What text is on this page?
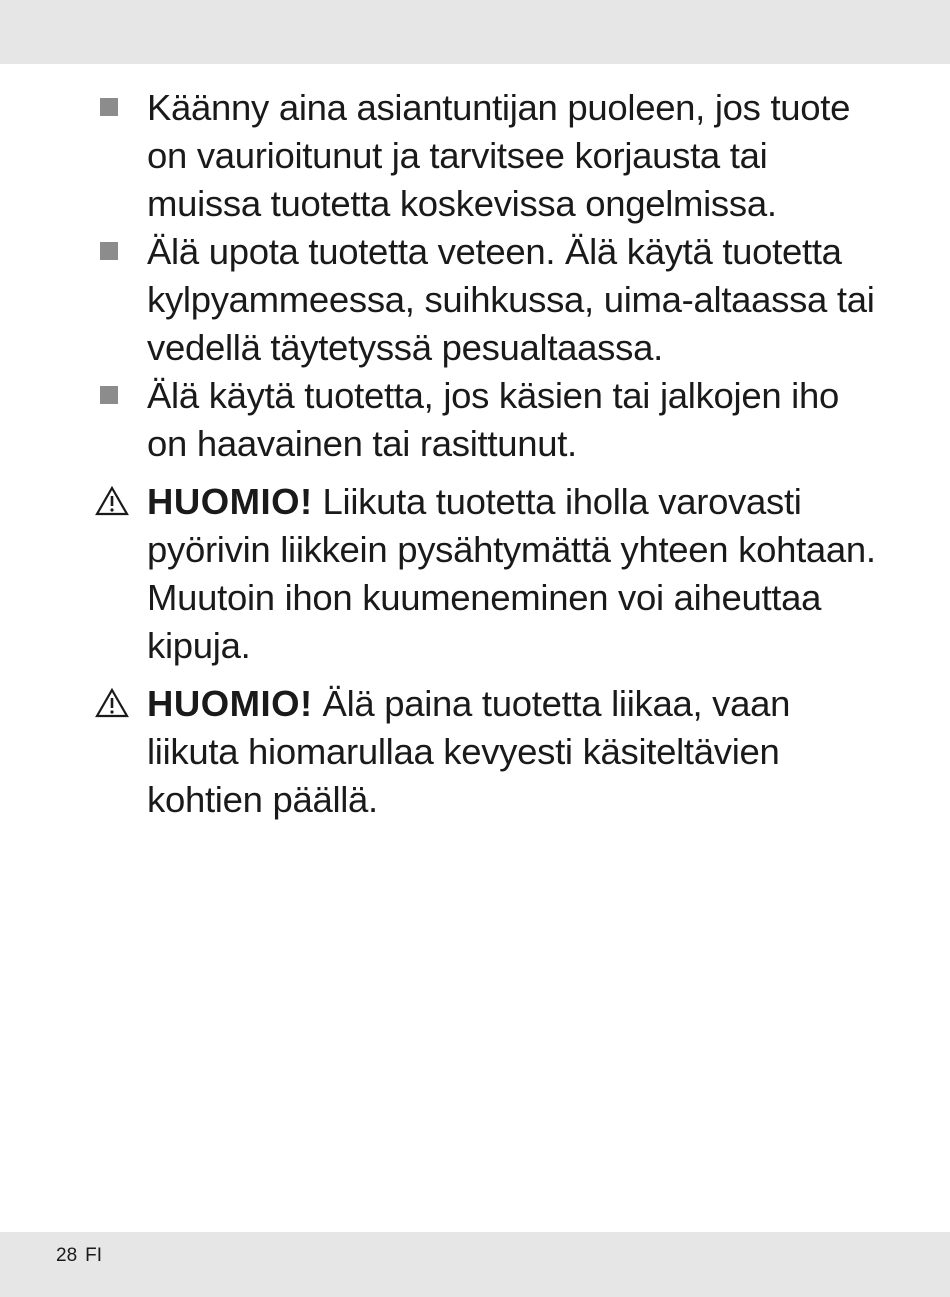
Käänny aina asiantuntijan puoleen, jos tuote on vaurioitunut ja tarvitsee korjausta tai muissa tuotetta koskevissa ongelmissa.
Älä upota tuotetta veteen. Älä käytä tuotetta kylpyammeessa, suihkussa, uima-altaassa tai vedellä täytetyssä pesualtaassa.
Älä käytä tuotetta, jos käsien tai jalkojen iho on haavainen tai rasittunut.
HUOMIO! Liikuta tuotetta iholla varovasti pyörivin liikkein pysähtymättä yhteen kohtaan. Muutoin ihon kuumeneminen voi aiheuttaa kipuja.
HUOMIO! Älä paina tuotetta liikaa, vaan liikuta hiomarullaa kevyesti käsiteltävien kohtien päällä.
28 FI
